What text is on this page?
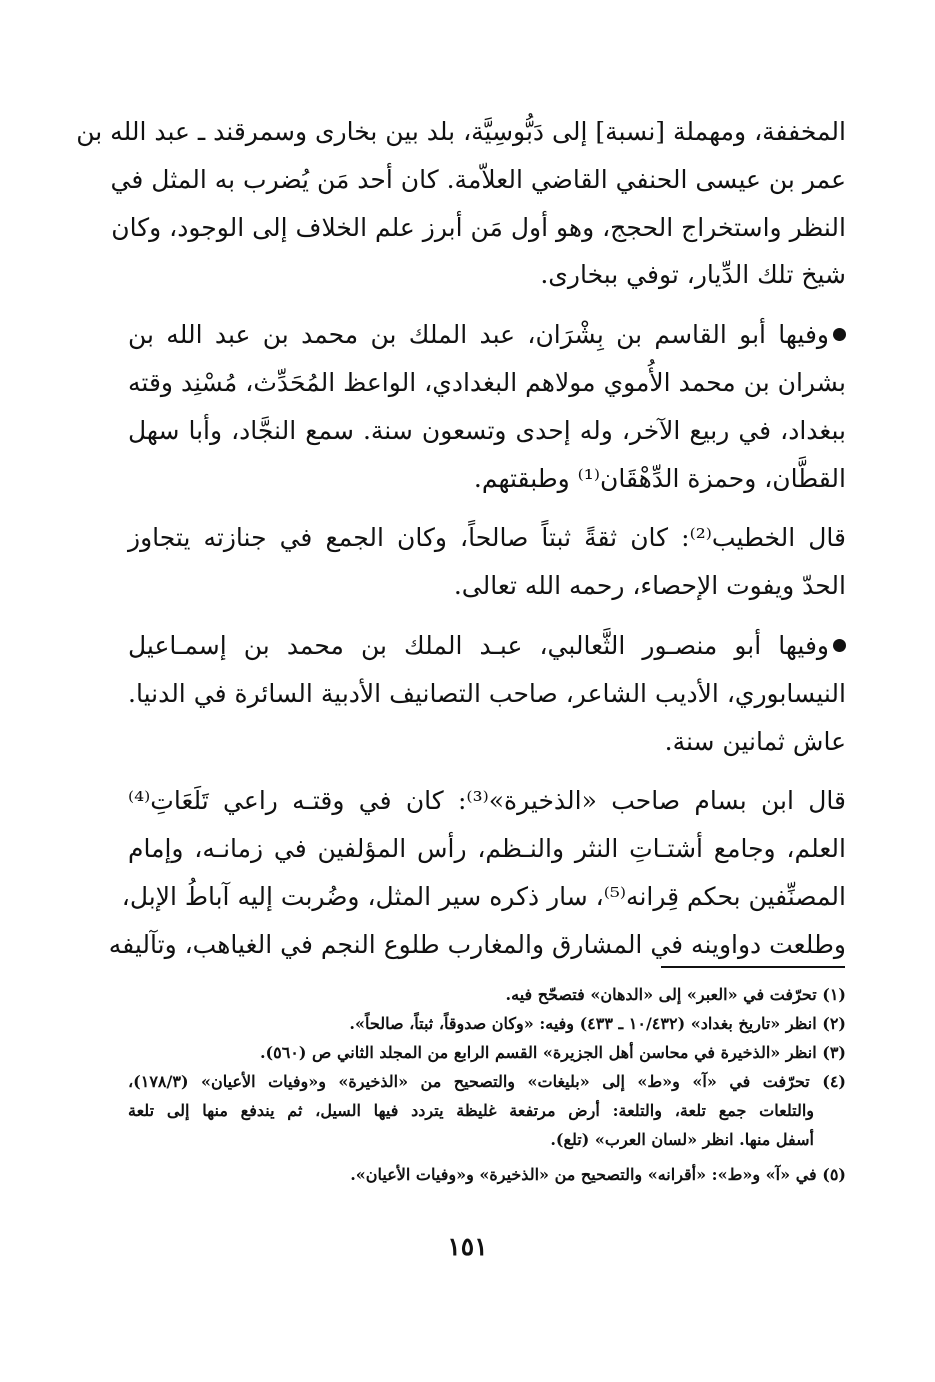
المخففة، ومهملة [نسبة] إلى دَبُّوسِيَّة، بلد بين بخارى وسمرقند ـ عبد الله بن
عمر بن عيسى الحنفي القاضي العلاّمة. كان أحد مَن يُضرب به المثل في
النظر واستخراج الحجج، وهو أول مَن أبرز علم الخلاف إلى الوجود، وكان
شيخ تلك الدِّيار، توفي ببخارى.
وفيها أبو القاسم بن بِشْرَان، عبد الملك بن محمد بن عبد الله بن
بشران بن محمد الأُموي مولاهم البغدادي، الواعظ المُحَدِّث، مُسْنِد وقته
ببغداد، في ربيع الآخر، وله إحدى وتسعون سنة. سمع النجَّاد، وأبا سهل
القطَّان، وحمزة الدِّهْقَان⁽¹⁾ وطبقتهم.
قال الخطيب⁽²⁾: كان ثقةً ثبتاً صالحاً، وكان الجمع في جنازته يتجاوز
الحدّ ويفوت الإحصاء، رحمه الله تعالى.
وفيها أبو منصـور الثَّعالبي، عبـد الملك بن محمد بن إسمـاعيل
النيسابوري، الأديب الشاعر، صاحب التصانيف الأدبية السائرة في الدنيا.
عاش ثمانين سنة.
قال ابن بسام صاحب «الذخيرة»⁽³⁾: كان في وقتـه راعي تَلَعَاتِ⁽⁴⁾
العلم، وجامع أشتـاتِ النثر والنـظم، رأس المؤلفين في زمانـه، وإمام
المصنِّفين بحكم قِرانه⁽⁵⁾، سار ذكره سير المثل، وضُربت إليه آباطُ الإبل،
وطلعت دواوينه في المشارق والمغارب طلوع النجم في الغياهب، وتآليفه
(١) تحرّفت في «العبر» إلى «الدهان» فتصحّح فيه.
(٢) انظر «تاريخ بغداد» (١٠/٤٣٢ ـ ٤٣٣) وفيه: «وكان صدوقاً، ثبتاً، صالحاً».
(٣) انظر «الذخيرة في محاسن أهل الجزيرة» القسم الرابع من المجلد الثاني ص (٥٦٠).
(٤) تحرّفت في «آ» و«ط» إلى «بليغات» والتصحيح من «الذخيرة» و«وفيات الأعيان» (١٧٨/٣)،
والتلعات جمع تلعة، والتلعة: أرض مرتفعة غليظة يتردد فيها السيل، ثم يندفع منها إلى تلعة
أسفل منها. انظر «لسان العرب» (تلع).
(٥) في «آ» و«ط»: «أقرانه» والتصحيح من «الذخيرة» و«وفيات الأعيان».
١٥١
